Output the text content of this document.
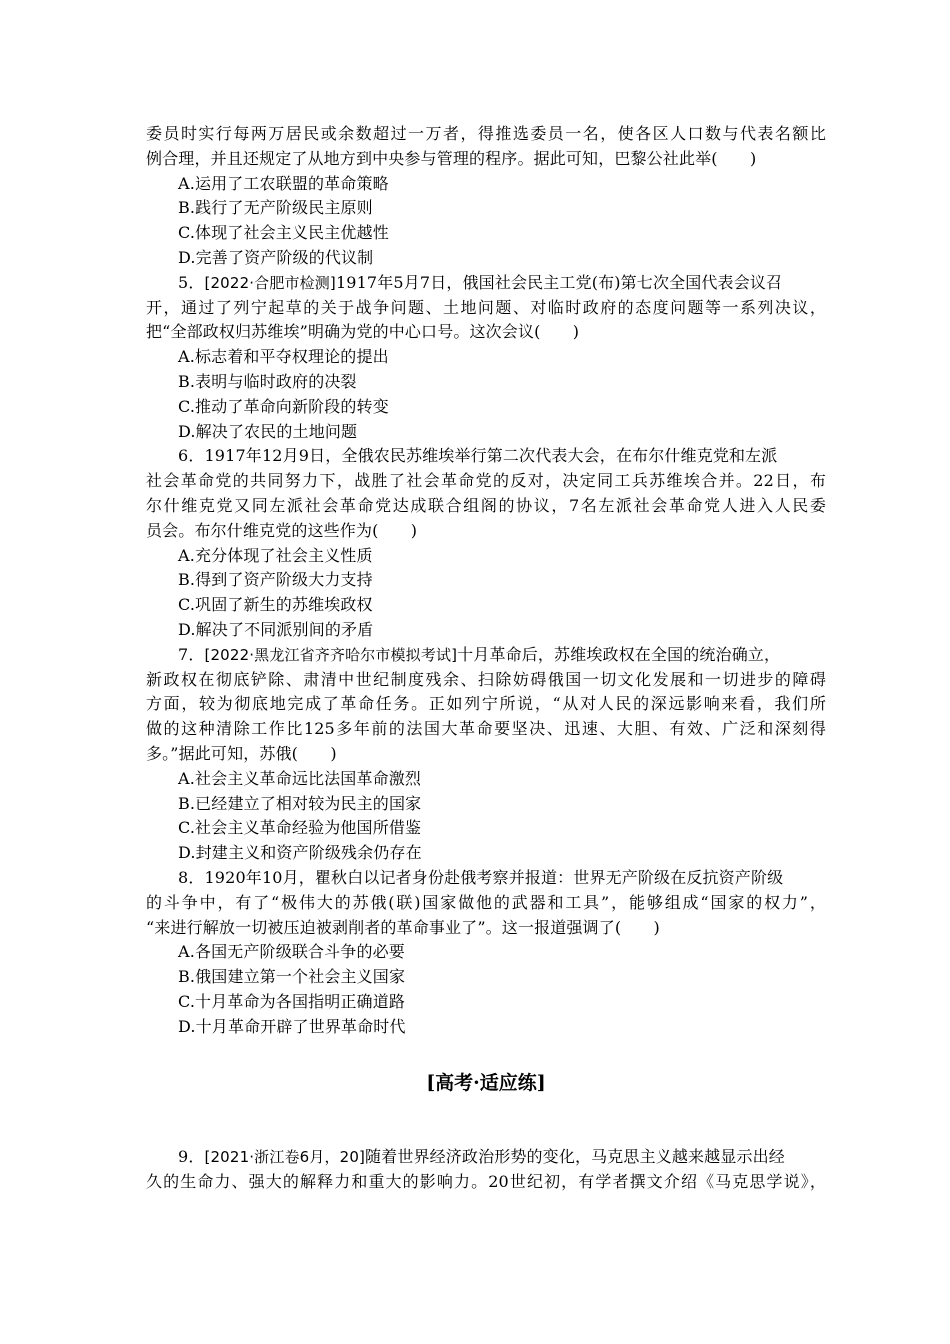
委员时实行每两万居民或余数超过一万者，得推选委员一名，使各区人口数与代表名额比
例合理，并且还规定了从地方到中央参与管理的程序。据此可知，巴黎公社此举(　　)
A.运用了工农联盟的革命策略
B.践行了无产阶级民主原则
C.体现了社会主义民主优越性
D.完善了资产阶级的代议制
5．[2022·合肥市检测]1917年5月7日，俄国社会民主工党(布)第七次全国代表会议召
开，通过了列宁起草的关于战争问题、土地问题、对临时政府的态度问题等一系列决议，
把“全部政权归苏维埃”明确为党的中心口号。这次会议(　　)
A.标志着和平夺权理论的提出
B.表明与临时政府的决裂
C.推动了革命向新阶段的转变
D.解决了农民的土地问题
6．1917年12月9日，全俄农民苏维埃举行第二次代表大会，在布尔什维克党和左派
社会革命党的共同努力下，战胜了社会革命党的反对，决定同工兵苏维埃合并。22日，布
尔什维克党又同左派社会革命党达成联合组阁的协议，7名左派社会革命党人进入人民委
员会。布尔什维克党的这些作为(　　)
A.充分体现了社会主义性质
B.得到了资产阶级大力支持
C.巩固了新生的苏维埃政权
D.解决了不同派别间的矛盾
7．[2022·黑龙江省齐齐哈尔市模拟考试]十月革命后，苏维埃政权在全国的统治确立，
新政权在彻底铲除、肃清中世纪制度残余、扫除妨碍俄国一切文化发展和一切进步的障碍
方面，较为彻底地完成了革命任务。正如列宁所说，“从对人民的深远影响来看，我们所
做的这种清除工作比125多年前的法国大革命要坚决、迅速、大胆、有效、广泛和深刻得
多。”据此可知，苏俄(　　)
A.社会主义革命远比法国革命激烈
B.已经建立了相对较为民主的国家
C.社会主义革命经验为他国所借鉴
D.封建主义和资产阶级残余仍存在
8．1920年10月，瞿秋白以记者身份赴俄考察并报道：世界无产阶级在反抗资产阶级
的斗争中，有了“极伟大的苏俄(联)国家做他的武器和工具”，能够组成“国家的权力”，
“来进行解放一切被压迫被剥削者的革命事业了”。这一报道强调了(　　)
A.各国无产阶级联合斗争的必要
B.俄国建立第一个社会主义国家
C.十月革命为各国指明正确道路
D.十月革命开辟了世界革命时代
[高考·适应练]
9．[2021·浙江卷6月，20]随着世界经济政治形势的变化，马克思主义越来越显示出经
久的生命力、强大的解释力和重大的影响力。20世纪初，有学者撰文介绍《马克思学说》，
